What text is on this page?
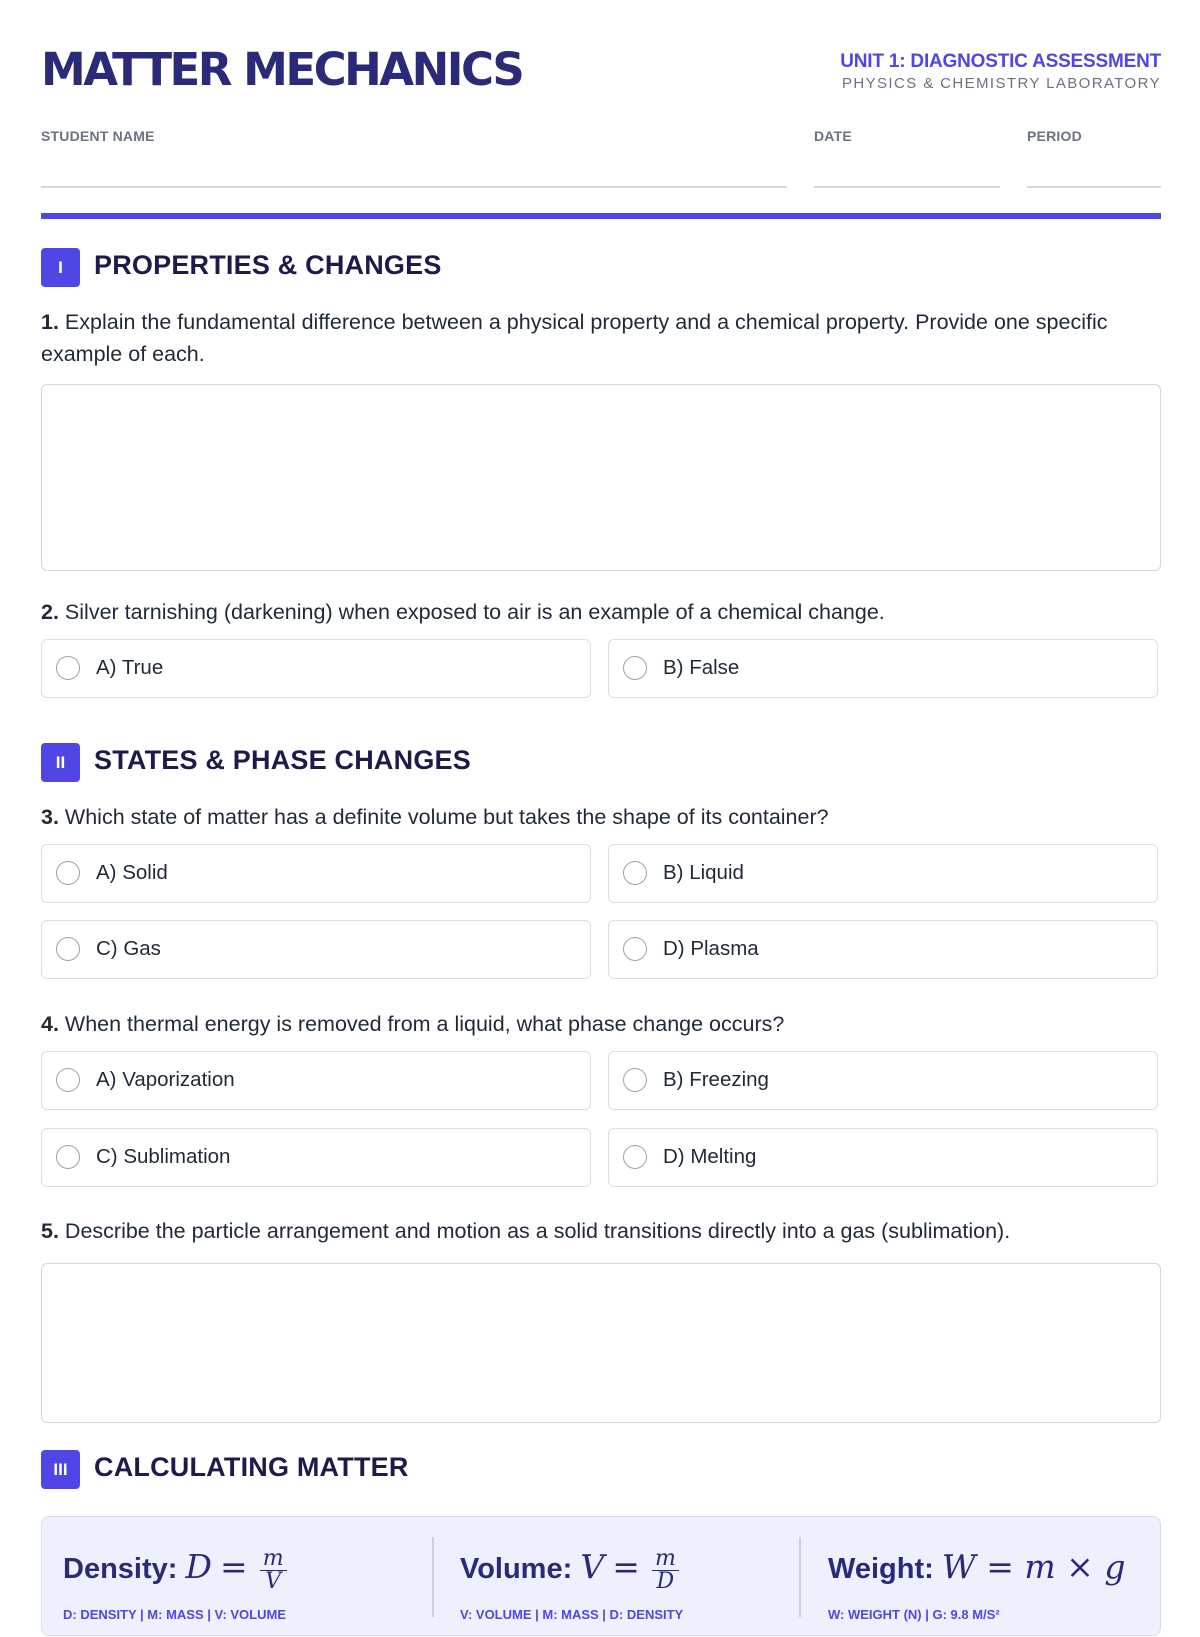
MATTER MECHANICS	UNIT 1: DIAGNOSTIC ASSESSMENT
PHYSICS & CHEMISTRY LABORATORY
STUDENT NAME	DATE	PERIOD
I	PROPERTIES & CHANGES
1. Explain the fundamental difference between a physical property and a chemical property. Provide one specific example of each.
2. Silver tarnishing (darkening) when exposed to air is an example of a chemical change.
A) True	B) False
II	STATES & PHASE CHANGES
3. Which state of matter has a definite volume but takes the shape of its container?
A) Solid	B) Liquid
C) Gas	D) Plasma
4. When thermal energy is removed from a liquid, what phase change occurs?
A) Vaporization	B) Freezing
C) Sublimation	D) Melting
5. Describe the particle arrangement and motion as a solid transitions directly into a gas (sublimation).
III CALCULATING MATTER
Density: $D = \frac{m}{V}$
D: DENSITY | M: MASS | V: VOLUME
Volume: $V = \frac{m}{D}$
V: VOLUME | M: MASS | D: DENSITY
Weight: W = m × g
W: WEIGHT (N) | G: 9.8 M/S²
